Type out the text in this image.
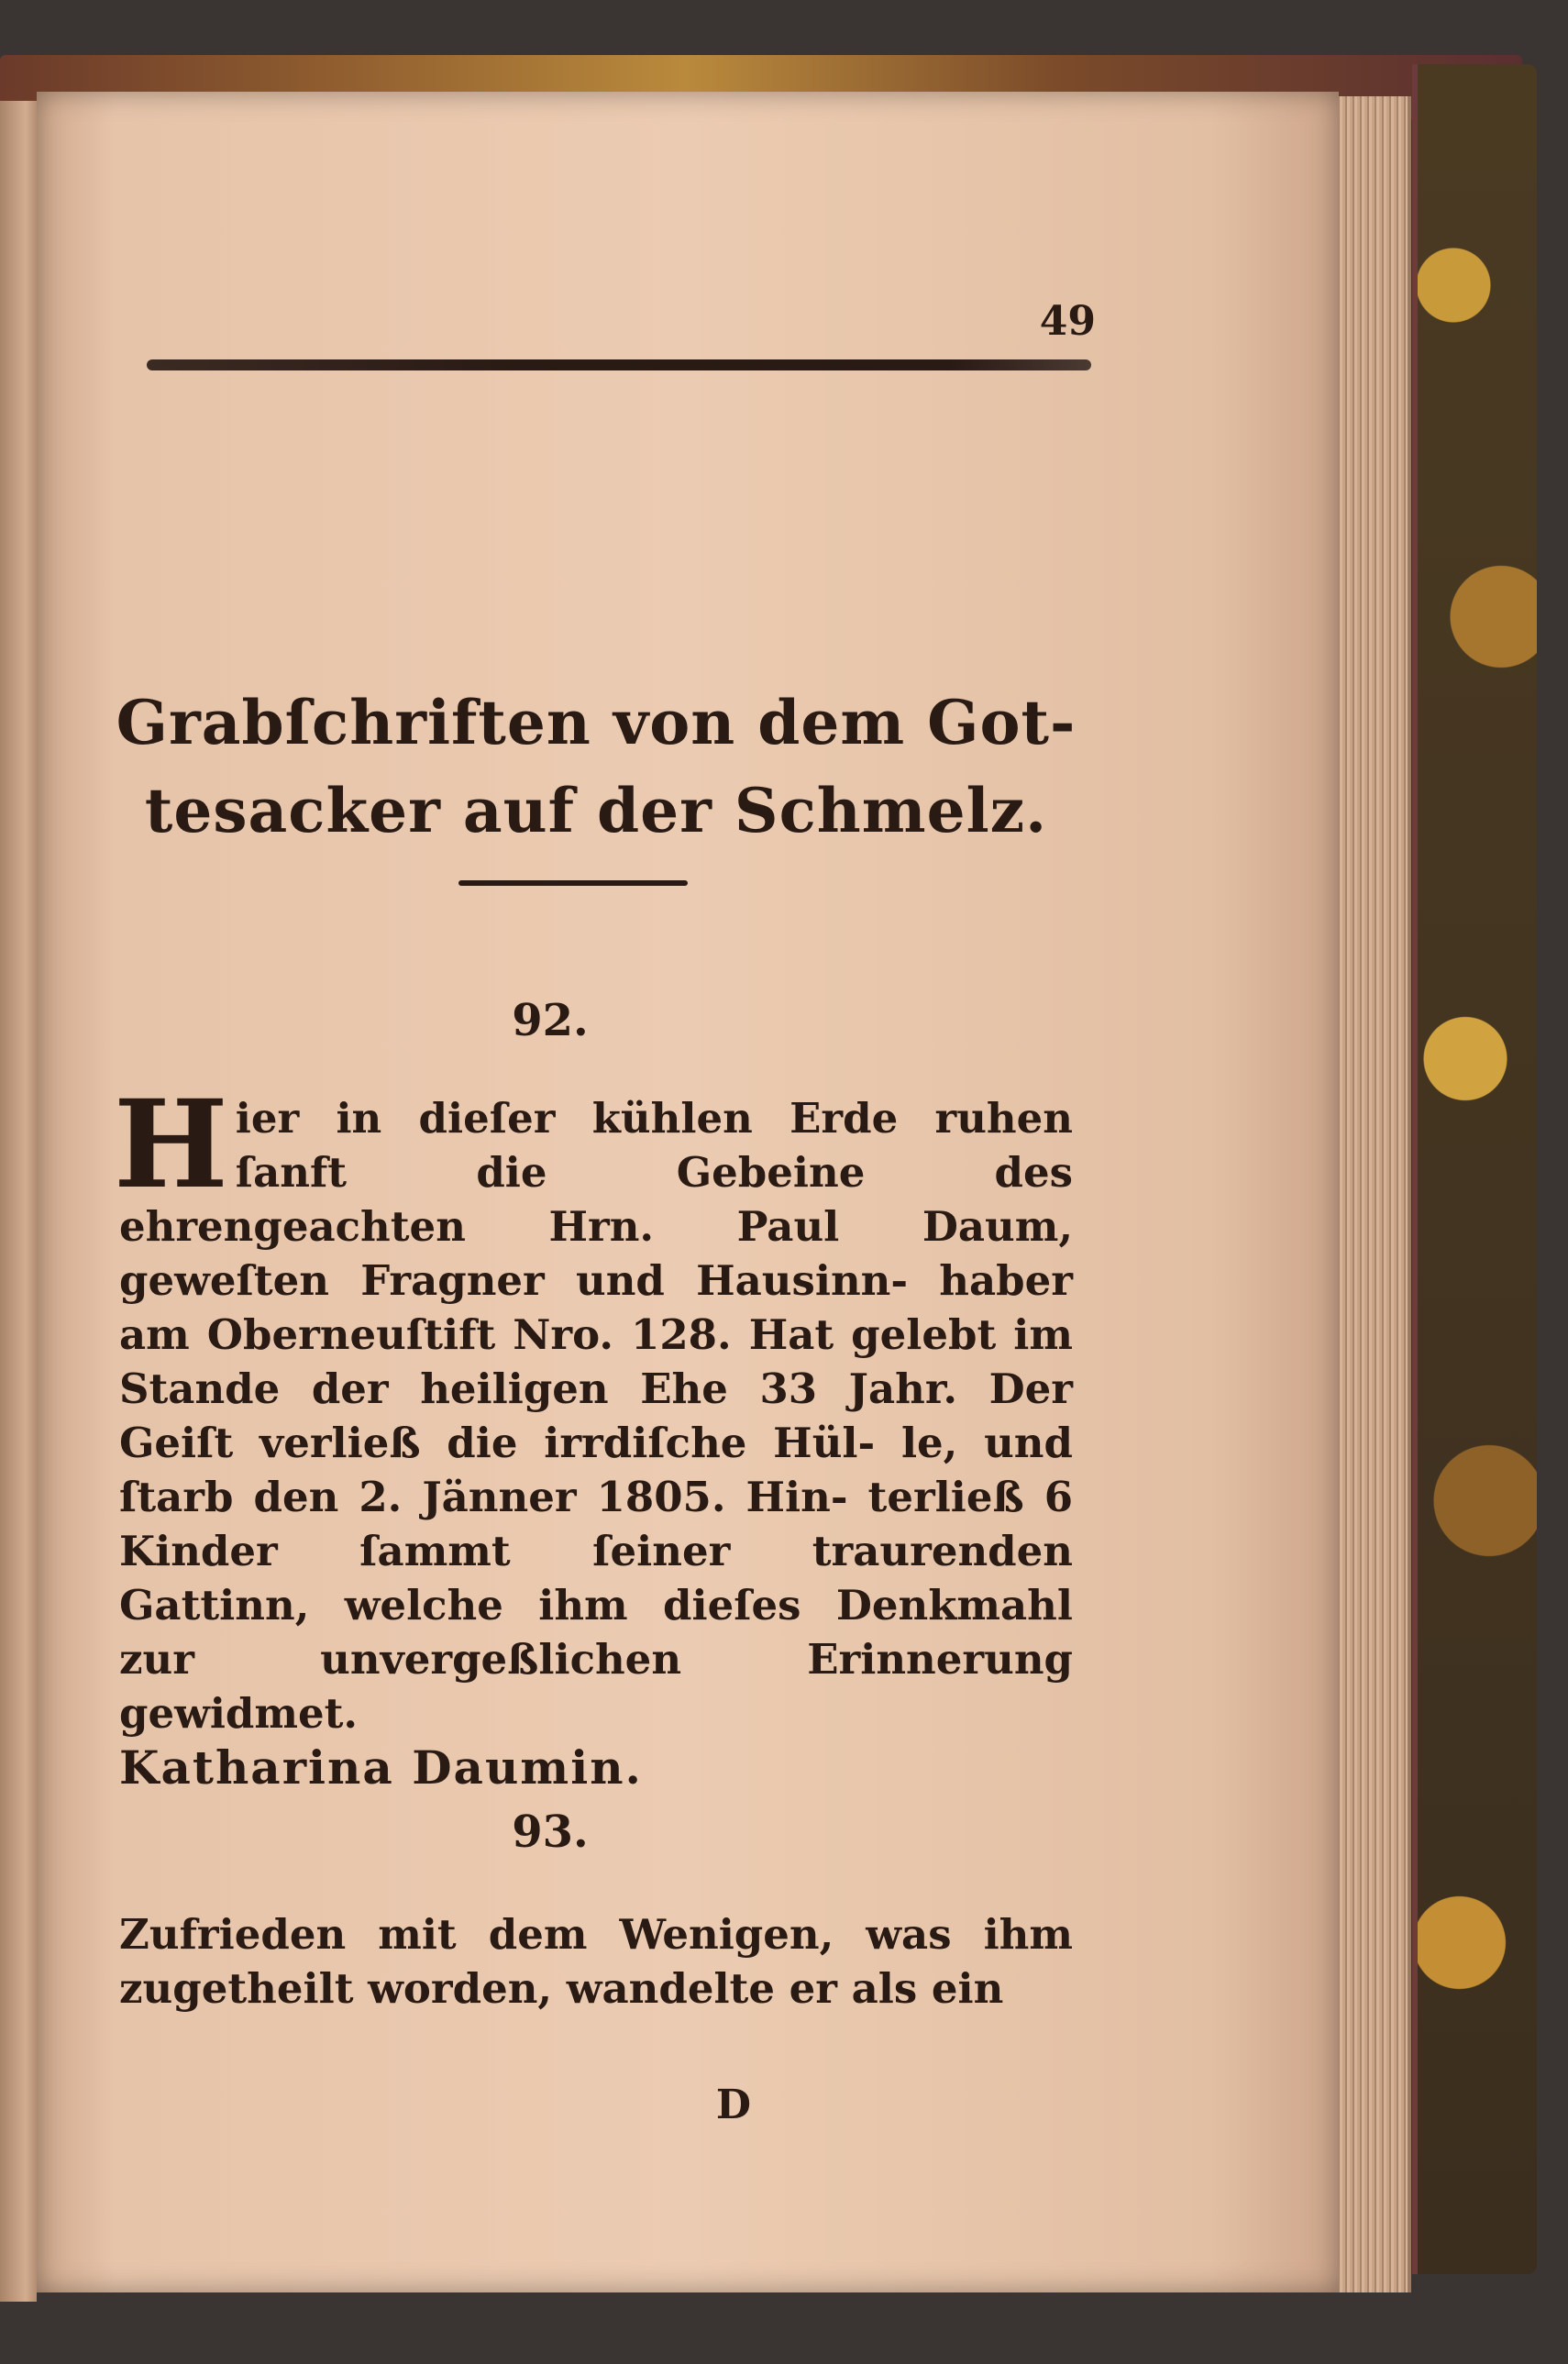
49
Grabſchriften von dem Got‑ tesacker auf der Schmelz.
92.
H ier in dieſer kühlen Erde ruhen ſanft die Gebeine des ehrengeachten Hrn. Paul Daum, geweſten Fragner und Hausinn‑ haber am Oberneuſtift Nro. 128. Hat gelebt im Stande der heiligen Ehe 33 Jahr. Der Geiſt verließ die irrdiſche Hül‑ le, und ſtarb den 2. Jänner 1805. Hin‑ terließ 6 Kinder ſammt ſeiner traurenden Gattinn, welche ihm dieſes Denkmahl zur unvergeßlichen Erinnerung gewidmet.
Katharina Daumin.
93.
Zufrieden mit dem Wenigen, was ihm zugetheilt worden, wandelte er als ein
D
